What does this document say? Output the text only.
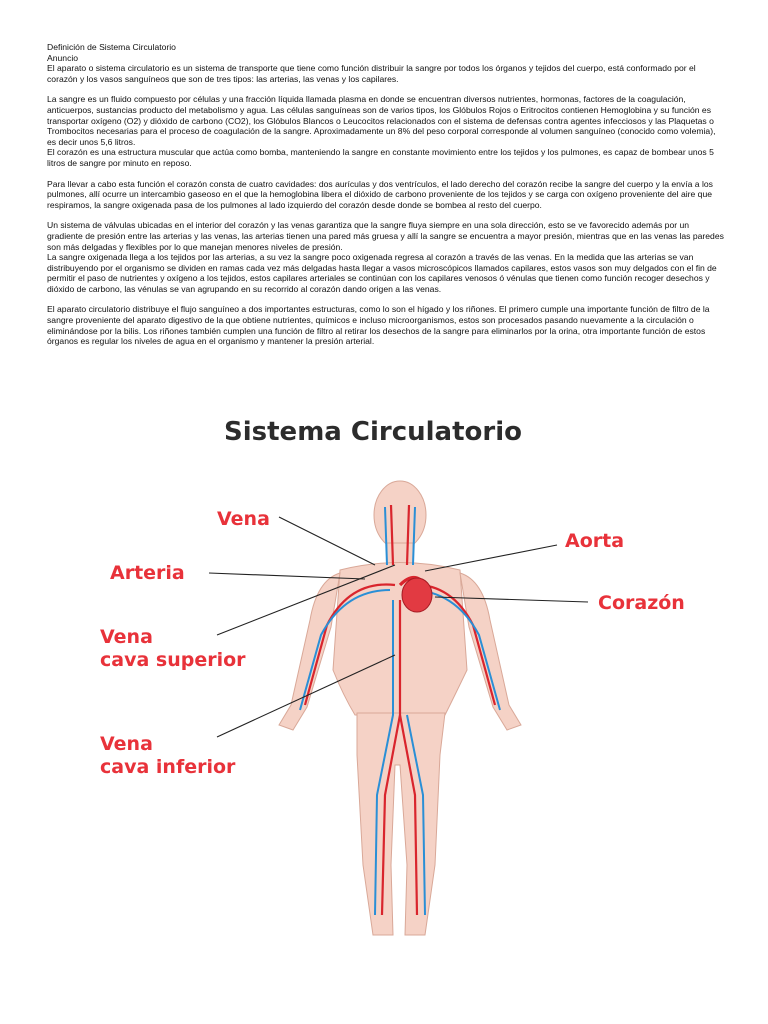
Definición de Sistema Circulatorio

Anuncio

El aparato o sistema circulatorio es un sistema de transporte que tiene como función distribuir la sangre por todos los órganos y tejidos del cuerpo, está conformado por el corazón y los vasos sanguíneos que son de tres tipos: las arterias, las venas y los capilares.

La sangre es un fluido compuesto por células y una fracción líquida llamada plasma en donde se encuentran diversos nutrientes, hormonas, factores de la coagulación, anticuerpos, sustancias producto del metabolismo y agua. Las células sanguíneas son de varios tipos, los Glóbulos Rojos o Eritrocitos contienen Hemoglobina y su función es transportar oxígeno (O2) y dióxido de carbono (CO2), los Glóbulos Blancos o Leucocitos relacionados con el sistema de defensas contra agentes infecciosos y las Plaquetas o Trombocitos necesarias para el proceso de coagulación de la sangre. Aproximadamente un 8% del peso corporal corresponde al volumen sanguíneo (conocido como volemia), es decir unos 5,6 litros.

El corazón es una estructura muscular que actúa como bomba, manteniendo la sangre en constante movimiento entre los tejidos y los pulmones, es capaz de bombear unos 5 litros de sangre por minuto en reposo.

Para llevar a cabo esta función el corazón consta de cuatro cavidades: dos aurículas y dos ventrículos, el lado derecho del corazón recibe la sangre del cuerpo y la envía a los pulmones, allí ocurre un intercambio gaseoso en el que la hemoglobina libera el dióxido de carbono proveniente de los tejidos y se carga con oxígeno proveniente del aire que respiramos, la sangre oxigenada pasa de los pulmones al lado izquierdo del corazón desde donde se bombea al resto del cuerpo.

Un sistema de válvulas ubicadas en el interior del corazón y las venas garantiza que la sangre fluya siempre en una sola dirección, esto se ve favorecido además por un gradiente de presión entre las arterias y las venas, las arterias tienen una pared más gruesa y allí la sangre se encuentra a mayor presión, mientras que en las venas las paredes son más delgadas y flexibles por lo que manejan menores niveles de presión.

La sangre oxigenada llega a los tejidos por las arterias, a su vez la sangre poco oxigenada regresa al corazón a través de las venas. En la medida que las arterias se van distribuyendo por el organismo se dividen en ramas cada vez más delgadas hasta llegar a vasos microscópicos llamados capilares, estos vasos son muy delgados con el fin de permitir el paso de nutrientes y oxígeno a los tejidos, estos capilares arteriales se continúan con los capilares venosos ó vénulas que tienen como función recoger desechos y dióxido de carbono, las vénulas se van agrupando en su recorrido al corazón dando origen a las venas.

El aparato circulatorio distribuye el flujo sanguíneo a dos importantes estructuras, como lo son el hígado y los riñones. El primero cumple una importante función de filtro de la sangre proveniente del aparato digestivo de la que obtiene nutrientes, químicos e incluso microorganismos, estos son procesados pasando nuevamente a la circulación o eliminándose por la bilis. Los riñones también cumplen una función de filtro al retirar los desechos de la sangre para eliminarlos por la orina, otra importante función de estos órganos es regular los niveles de agua en el organismo y mantener la presión arterial.

Sistema Circulatorio
Vena
Arteria
Vena
cava superior
Vena
cava inferior
Aorta
Corazón
